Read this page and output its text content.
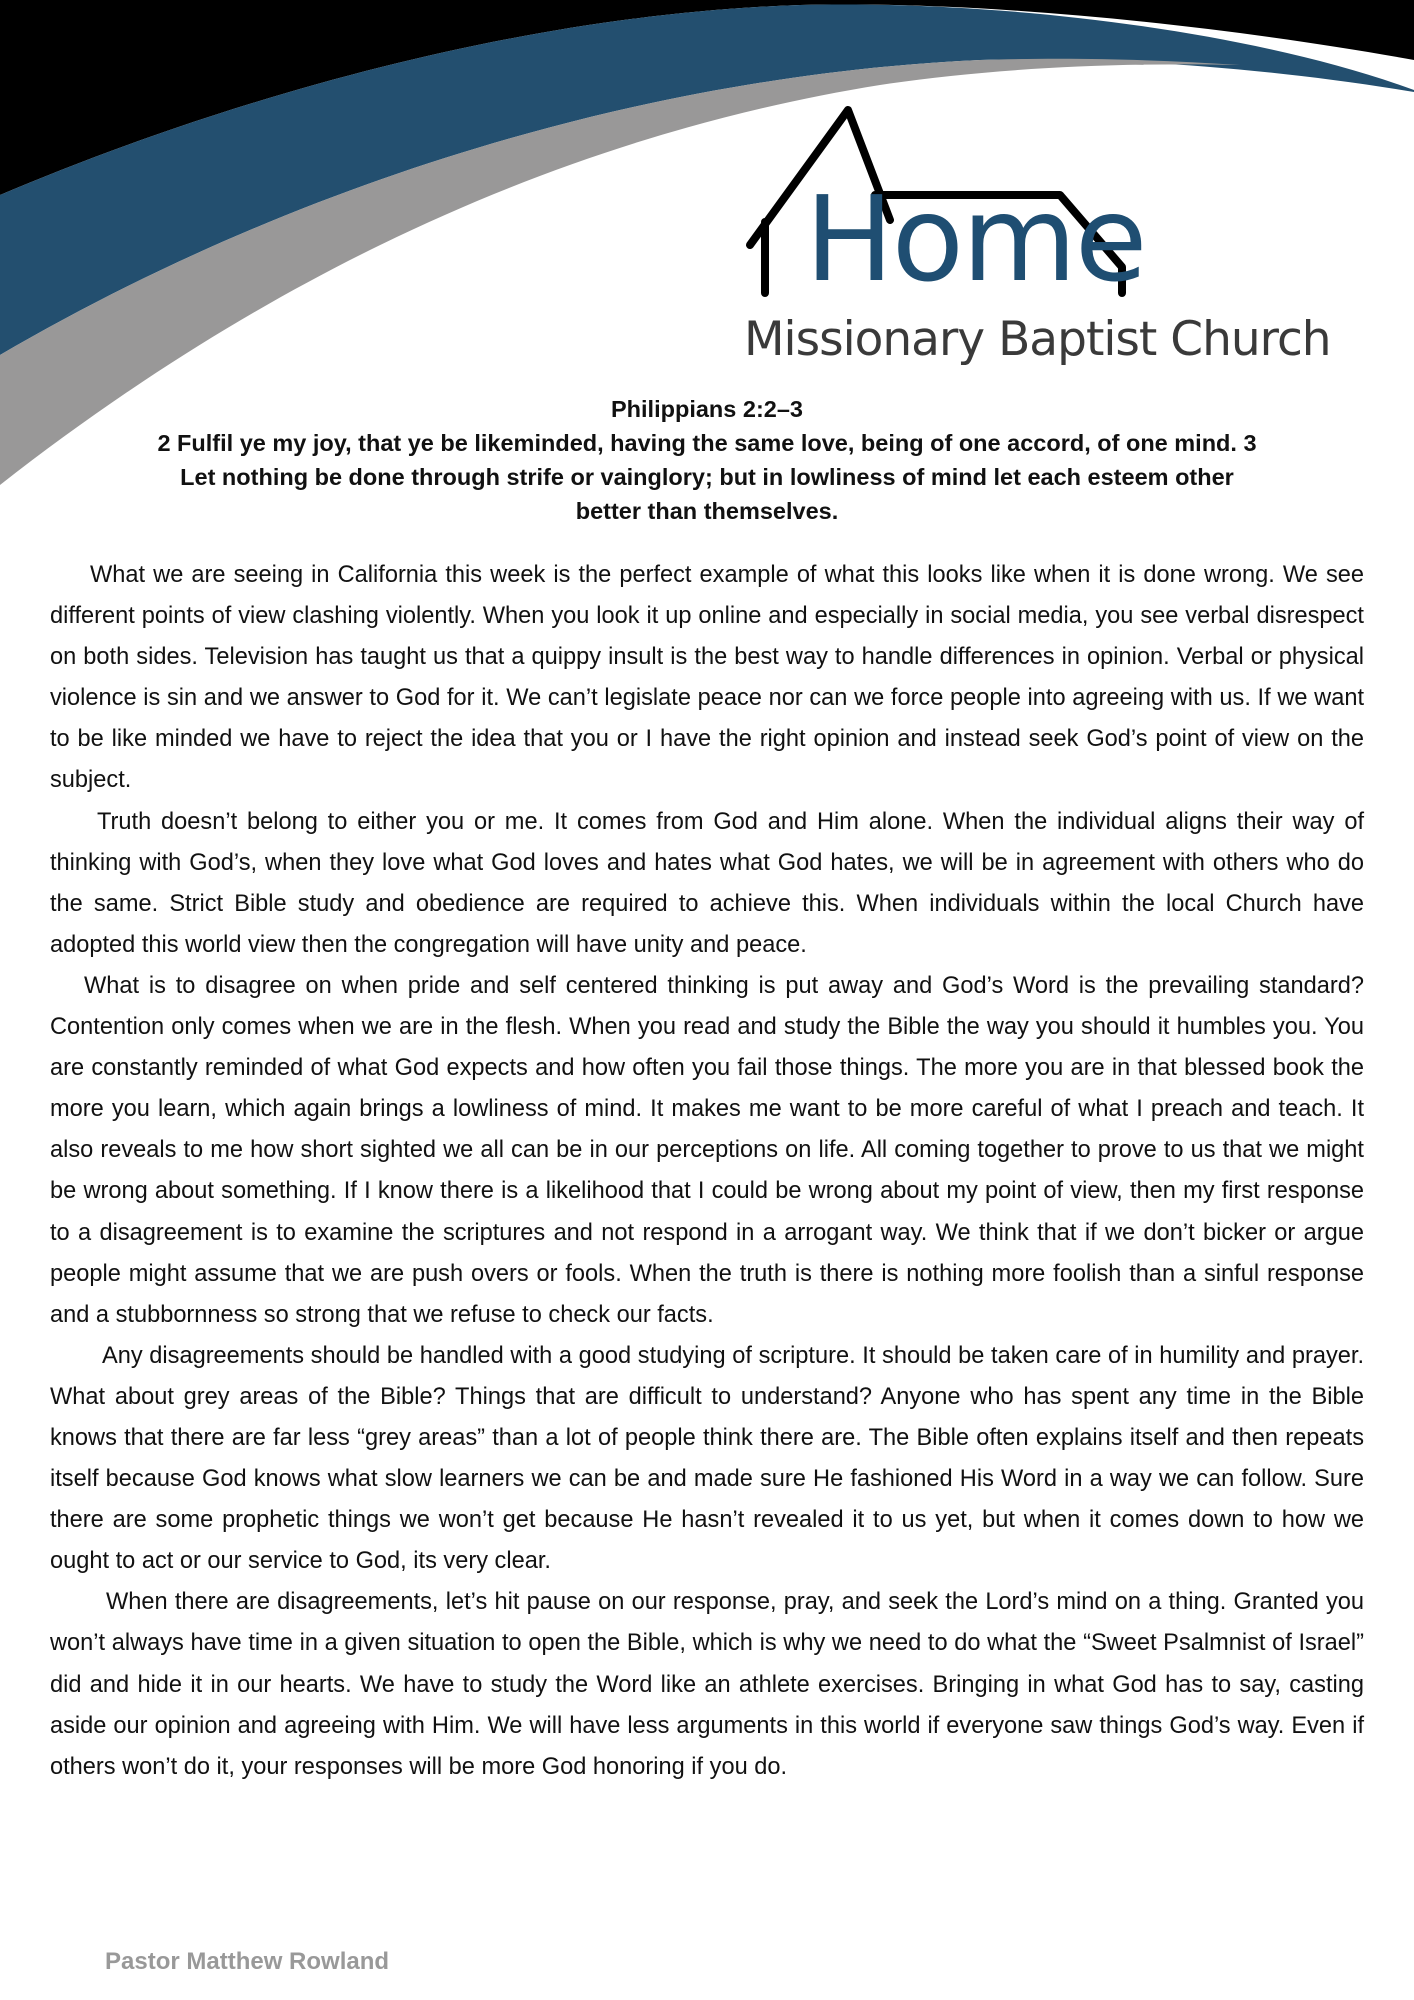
Home
Missionary Baptist Church
Philippians 2:2–3
2 Fulfil ye my joy, that ye be likeminded, having the same love, being of one accord, of one mind. 3
Let nothing be done through strife or vainglory; but in lowliness of mind let each esteem other
better than themselves.

What we are seeing in California this week is the perfect example of what this looks like when it is done wrong. We see different points of view clashing violently. When you look it up online and especially in social media, you see verbal disrespect on both sides. Television has taught us that a quippy insult is the best way to handle differences in opinion. Verbal or physical violence is sin and we answer to God for it. We can’t legislate peace nor can we force people into agreeing with us. If we want to be like minded we have to reject the idea that you or I have the right opinion and instead seek God’s point of view on the subject.

Truth doesn’t belong to either you or me. It comes from God and Him alone. When the individual aligns their way of thinking with God’s, when they love what God loves and hates what God hates, we will be in agreement with others who do the same. Strict Bible study and obedience are required to achieve this. When individuals within the local Church have adopted this world view then the congregation will have unity and peace.

What is to disagree on when pride and self centered thinking is put away and God’s Word is the prevailing standard? Contention only comes when we are in the flesh. When you read and study the Bible the way you should it humbles you. You are constantly reminded of what God expects and how often you fail those things. The more you are in that blessed book the more you learn, which again brings a lowliness of mind. It makes me want to be more careful of what I preach and teach. It also reveals to me how short sighted we all can be in our perceptions on life. All coming together to prove to us that we might be wrong about something. If I know there is a likelihood that I could be wrong about my point of view, then my first response to a disagreement is to examine the scriptures and not respond in a arrogant way. We think that if we don’t bicker or argue people might assume that we are push overs or fools. When the truth is there is nothing more foolish than a sinful response and a stubbornness so strong that we refuse to check our facts.

Any disagreements should be handled with a good studying of scripture. It should be taken care of in humility and prayer. What about grey areas of the Bible? Things that are difficult to understand? Anyone who has spent any time in the Bible knows that there are far less “grey areas” than a lot of people think there are. The Bible often explains itself and then repeats itself because God knows what slow learners we can be and made sure He fashioned His Word in a way we can follow. Sure there are some prophetic things we won’t get because He hasn’t revealed it to us yet, but when it comes down to how we ought to act or our service to God, its very clear.

When there are disagreements, let’s hit pause on our response, pray, and seek the Lord’s mind on a thing. Granted you won’t always have time in a given situation to open the Bible, which is why we need to do what the “Sweet Psalmnist of Israel” did and hide it in our hearts. We have to study the Word like an athlete exercises. Bringing in what God has to say, casting aside our opinion and agreeing with Him. We will have less arguments in this world if everyone saw things God’s way. Even if others won’t do it, your responses will be more God honoring if you do.

Pastor Matthew Rowland
